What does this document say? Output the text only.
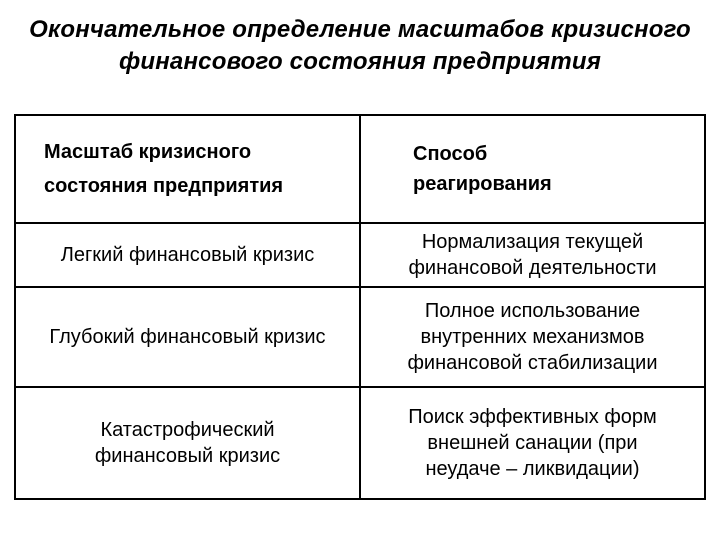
Окончательное определение масштабов кризисного
финансового состояния предприятия
Масштаб кризисного
состояния предприятия
Способ
реагирования
Легкий финансовый кризис
Нормализация текущей
финансовой деятельности
Глубокий финансовый кризис
Полное использование
внутренних механизмов
финансовой стабилизации
Катастрофический
финансовый кризис
Поиск эффективных форм
внешней санации (при
неудаче – ликвидации)
